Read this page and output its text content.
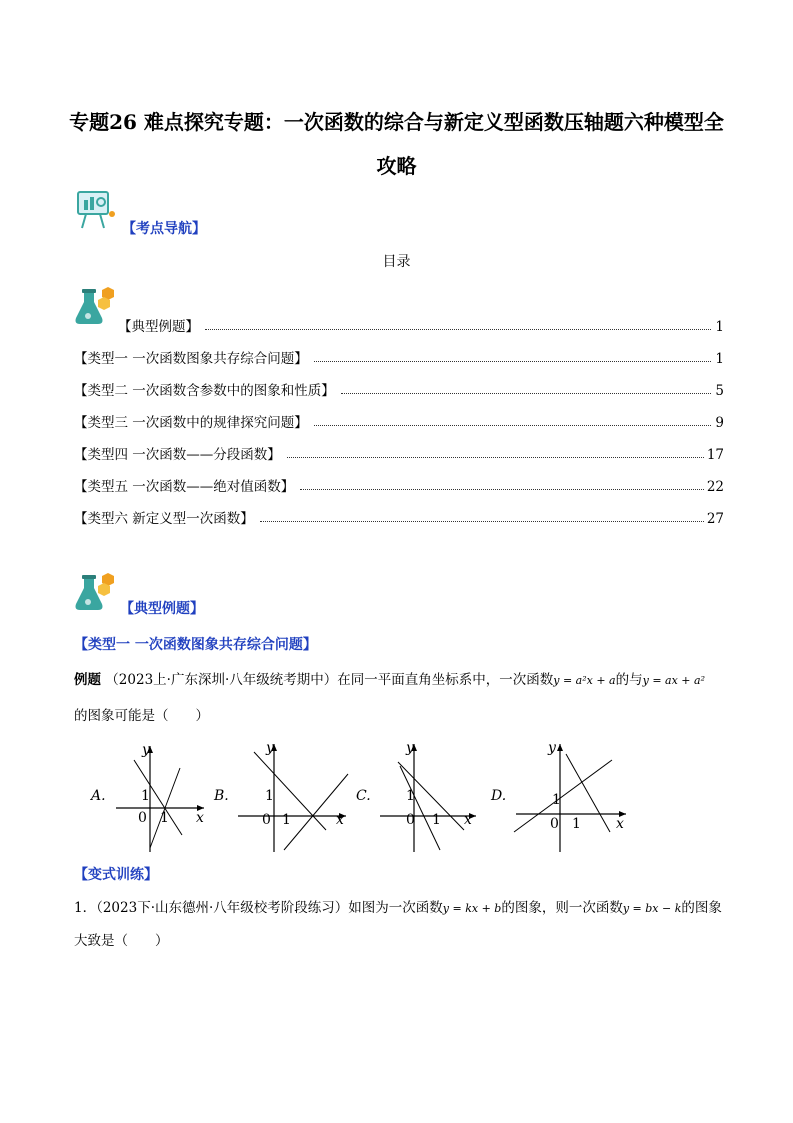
专题26 难点探究专题：一次函数的综合与新定义型函数压轴题六种模型全攻略
【考点导航】
目录
【典型例题】	1
【类型一 一次函数图象共存综合问题】	1
【类型二 一次函数含参数中的图象和性质】	5
【类型三 一次函数中的规律探究问题】	9
【类型四 一次函数——分段函数】	17
【类型五 一次函数——绝对值函数】	22
【类型六 新定义型一次函数】	27
【典型例题】
【类型一 一次函数图象共存综合问题】
例题 （2023上·广东深圳·八年级统考期中）在同一平面直角坐标系中，一次函数y = a²x + a的与y = ax + a²
的图象可能是（　　）
A.
y
x
0 1
1	B.
y
x
0 1
1	C.
y
x
0 1
1	D.
y
x
0 1
1
【变式训练】
1．（2023下·山东德州·八年级校考阶段练习）如图为一次函数y = kx + b的图象，则一次函数y = bx − k的图象
大致是（　　）
